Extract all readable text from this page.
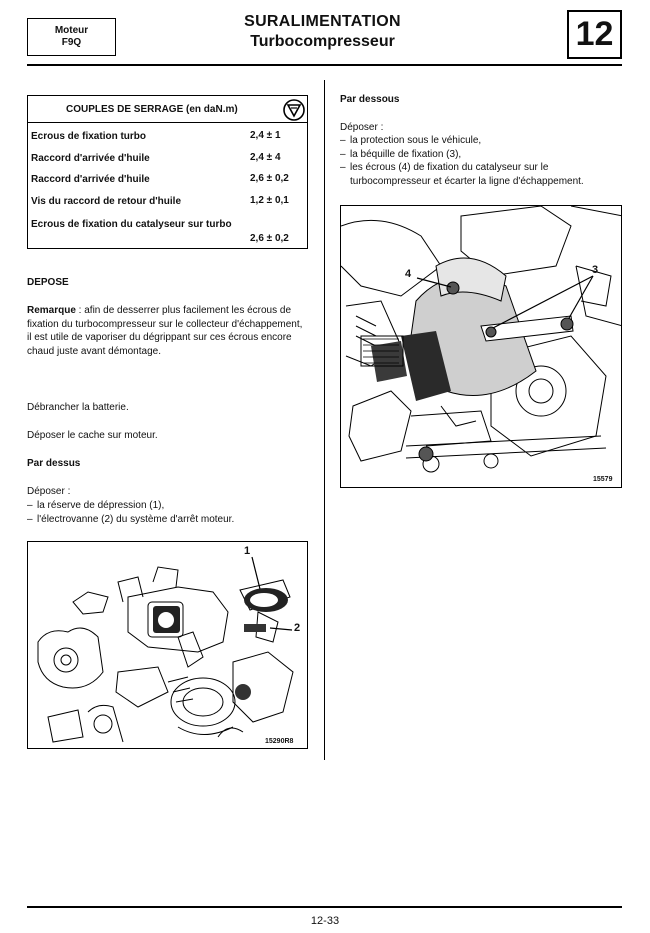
Moteur
F9Q
SURALIMENTATION
Turbocompresseur	12
COUPLES DE SERRAGE (en daN.m)
Ecrous de fixation turbo	2,4 ± 1
Raccord d'arrivée d'huile	2,4 ± 4
Raccord d'arrivée d'huile	2,6 ± 0,2
Vis du raccord de retour d'huile	1,2 ± 0,1
Ecrous de fixation du catalyseur sur turbo
2,6 ± 0,2
DEPOSE
Remarque : afin de desserrer plus facilement les écrous de fixation du turbocompresseur sur le collecteur d'échappement, il est utile de vaporiser du dégrippant sur ces écrous encore chaud juste avant démontage.
Débrancher la batterie.
Déposer le cache sur moteur.
Par dessus
Déposer :
– la réserve de dépression (1),
– l'électrovanne (2) du système d'arrêt moteur.
1
2
15290R8
Par dessous
Déposer :
– la protection sous le véhicule,
– la béquille de fixation (3),
– les écrous (4) de fixation du catalyseur sur le turbocompresseur et écarter la ligne d'échappement.
4	3
15579
12-33
